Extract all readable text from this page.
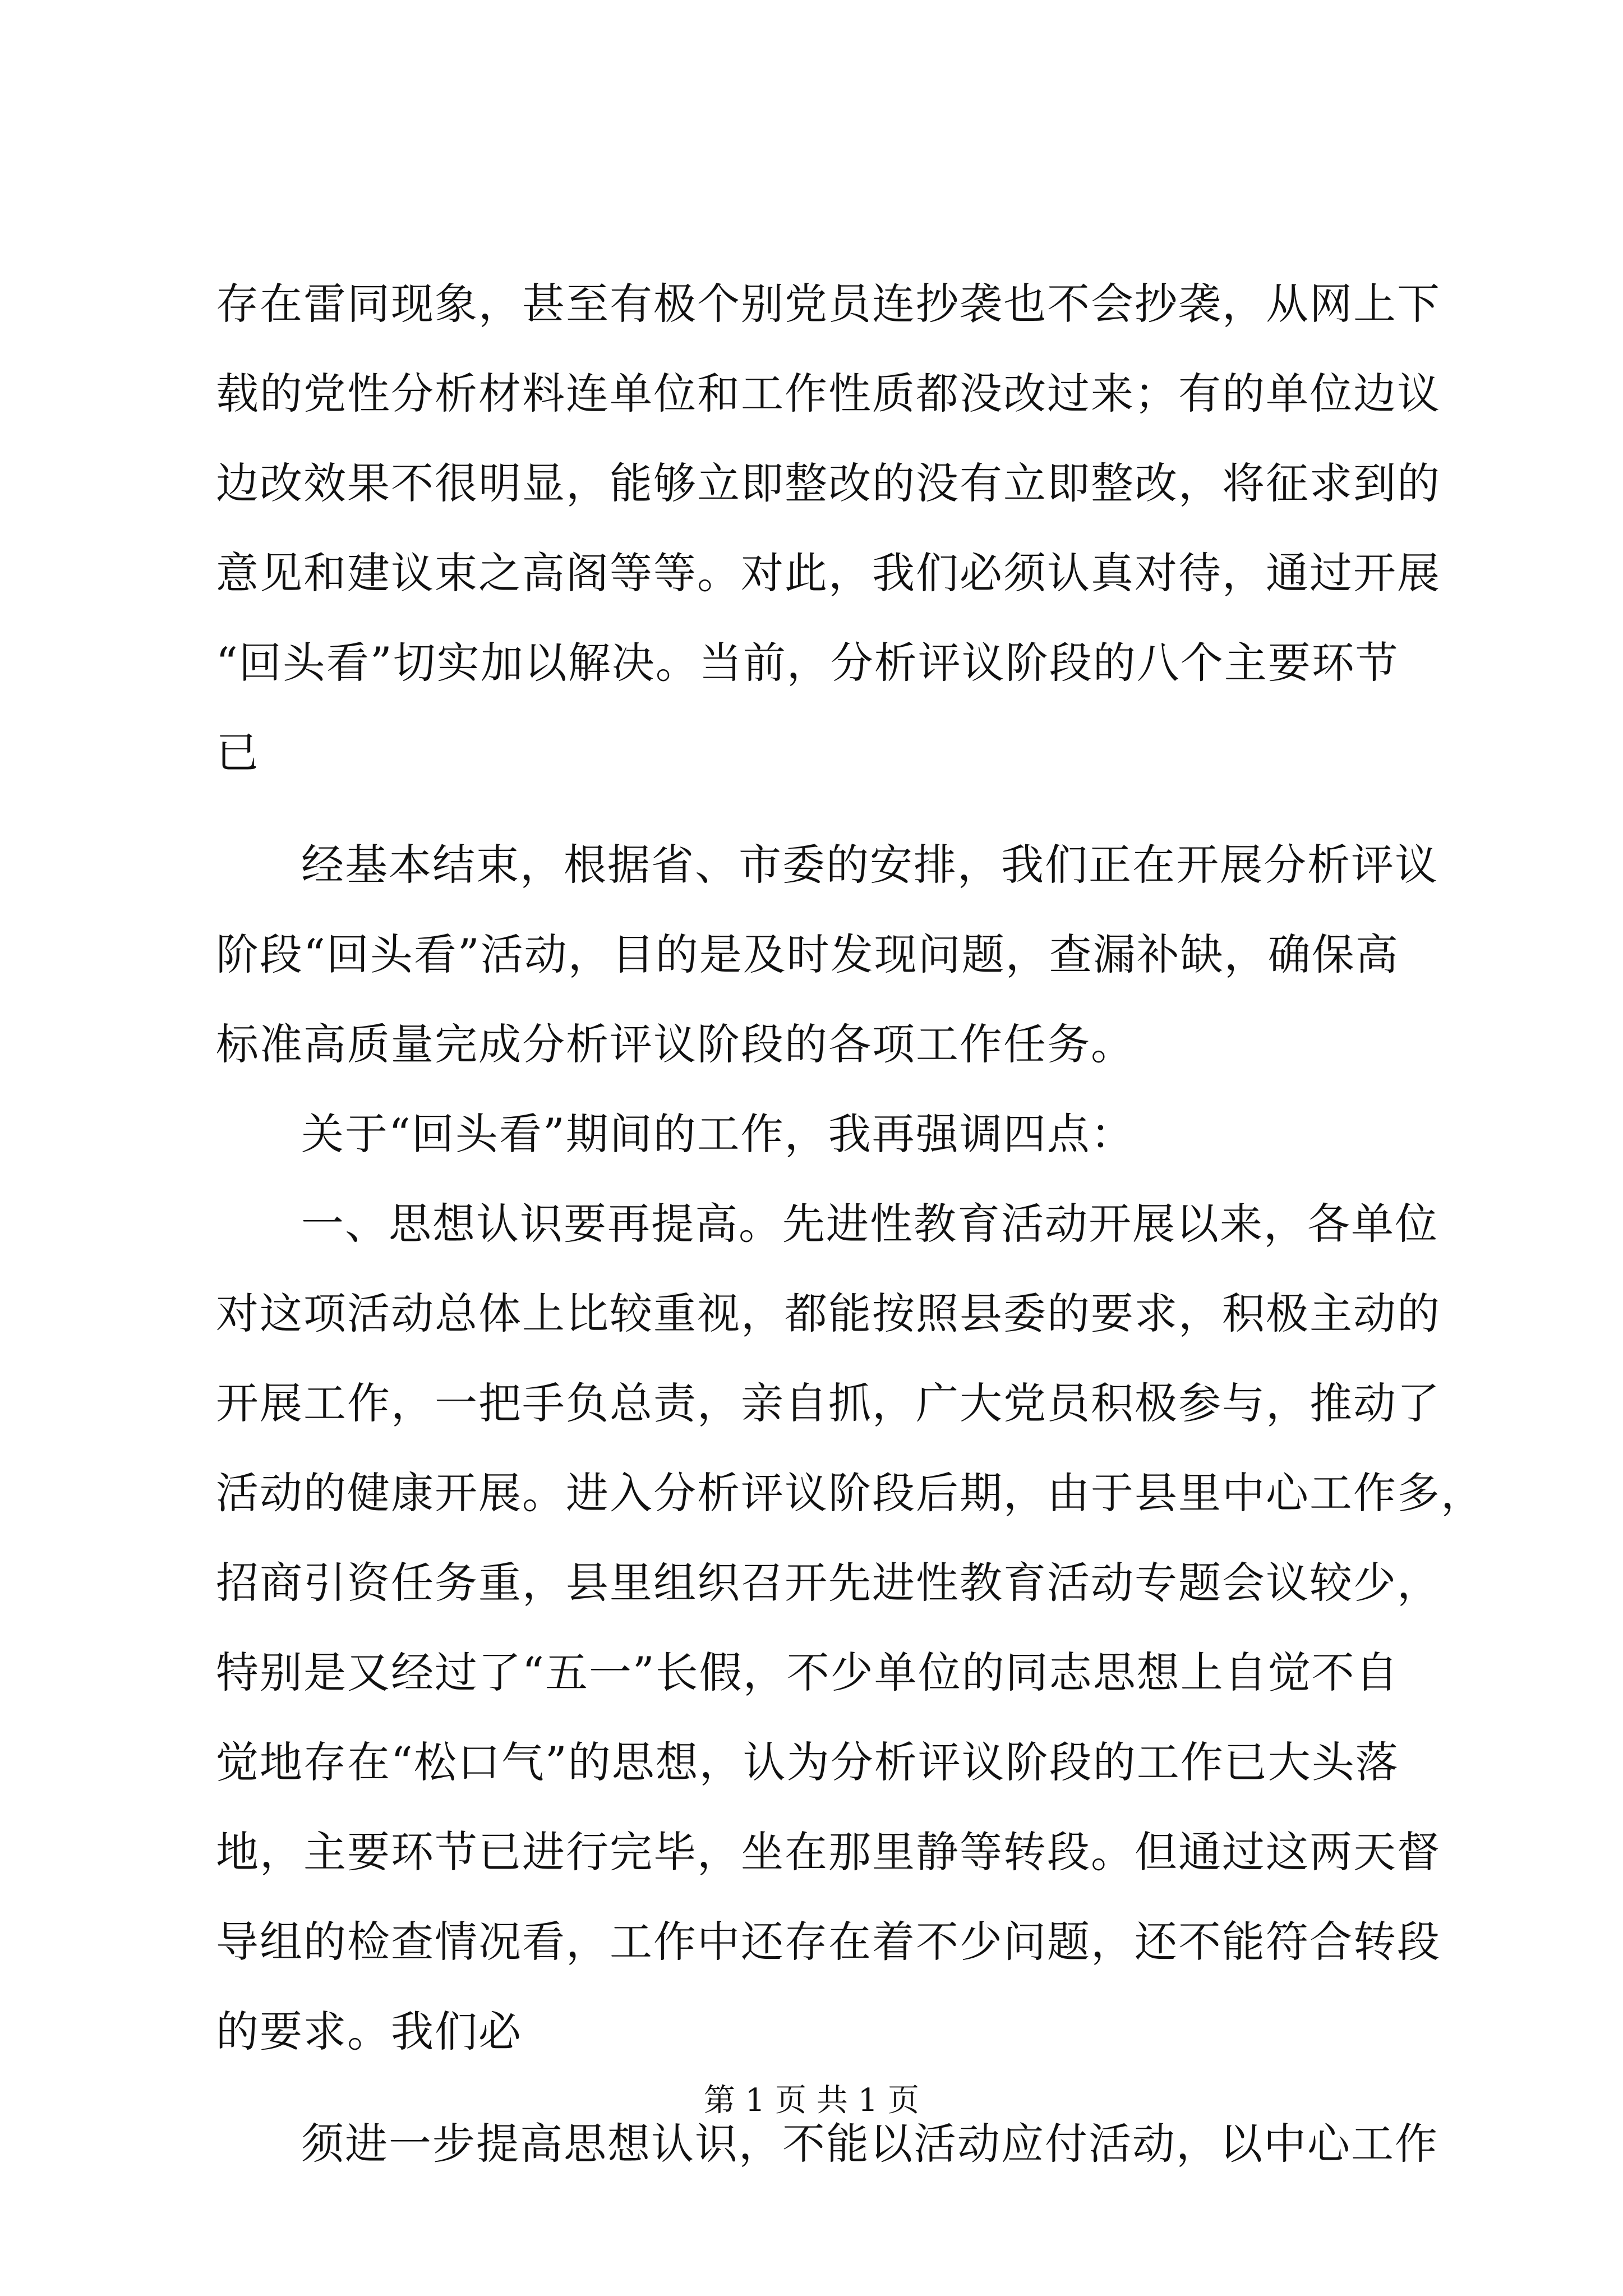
存在雷同现象，甚至有极个别党员连抄袭也不会抄袭，从网上下
载的党性分析材料连单位和工作性质都没改过来；有的单位边议
边改效果不很明显，能够立即整改的没有立即整改，将征求到的
意见和建议束之高阁等等。对此，我们必须认真对待，通过开展
“回头看”切实加以解决。当前，分析评议阶段的八个主要环节
已
经基本结束，根据省、市委的安排，我们正在开展分析评议
阶段“回头看”活动，目的是及时发现问题，查漏补缺，确保高
标准高质量完成分析评议阶段的各项工作任务。
关于“回头看”期间的工作，我再强调四点：
一、思想认识要再提高。先进性教育活动开展以来，各单位
对这项活动总体上比较重视，都能按照县委的要求，积极主动的
开展工作，一把手负总责，亲自抓，广大党员积极参与，推动了
活动的健康开展。进入分析评议阶段后期，由于县里中心工作多，
招商引资任务重，县里组织召开先进性教育活动专题会议较少，
特别是又经过了“五一”长假，不少单位的同志思想上自觉不自
觉地存在“松口气”的思想，认为分析评议阶段的工作已大头落
地，主要环节已进行完毕，坐在那里静等转段。但通过这两天督
导组的检查情况看，工作中还存在着不少问题，还不能符合转段
的要求。我们必
须进一步提高思想认识，不能以活动应付活动，以中心工作
第 1 页 共 1 页
